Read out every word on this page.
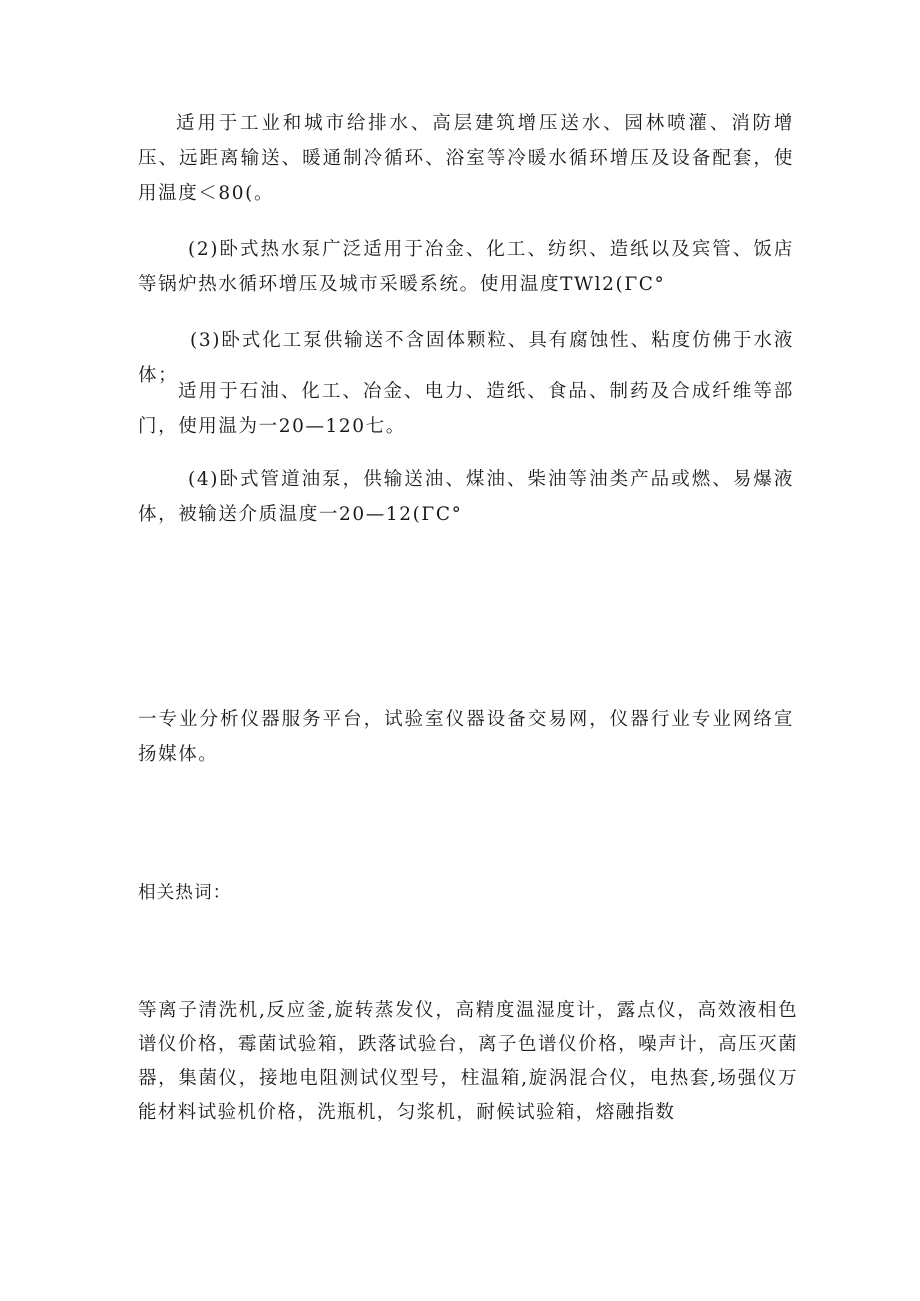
适用于工业和城市给排水、高层建筑增压送水、园林喷灌、消防增压、远距离输送、暖通制冷循环、浴室等冷暖水循环增压及设备配套，使用温度＜80(。

(2)卧式热水泵广泛适用于冶金、化工、纺织、造纸以及宾管、饭店等锅炉热水循环增压及城市采暖系统。使用温度TWl2(ΓC°

(3)卧式化工泵供输送不含固体颗粒、具有腐蚀性、粘度仿佛于水液体；

适用于石油、化工、冶金、电力、造纸、食品、制药及合成纤维等部门，使用温为一20—120七。

(4)卧式管道油泵，供输送油、煤油、柴油等油类产品或燃、易爆液体，被输送介质温度一20—12(ΓC°

一专业分析仪器服务平台，试验室仪器设备交易网，仪器行业专业网络宣扬媒体。

相关热词：

等离子清洗机,反应釜,旋转蒸发仪，高精度温湿度计，露点仪，高效液相色谱仪价格，霉菌试验箱，跌落试验台，离子色谱仪价格，噪声计，高压灭菌器，集菌仪，接地电阻测试仪型号，柱温箱,旋涡混合仪，电热套,场强仪万能材料试验机价格，洗瓶机，匀浆机，耐候试验箱，熔融指数
